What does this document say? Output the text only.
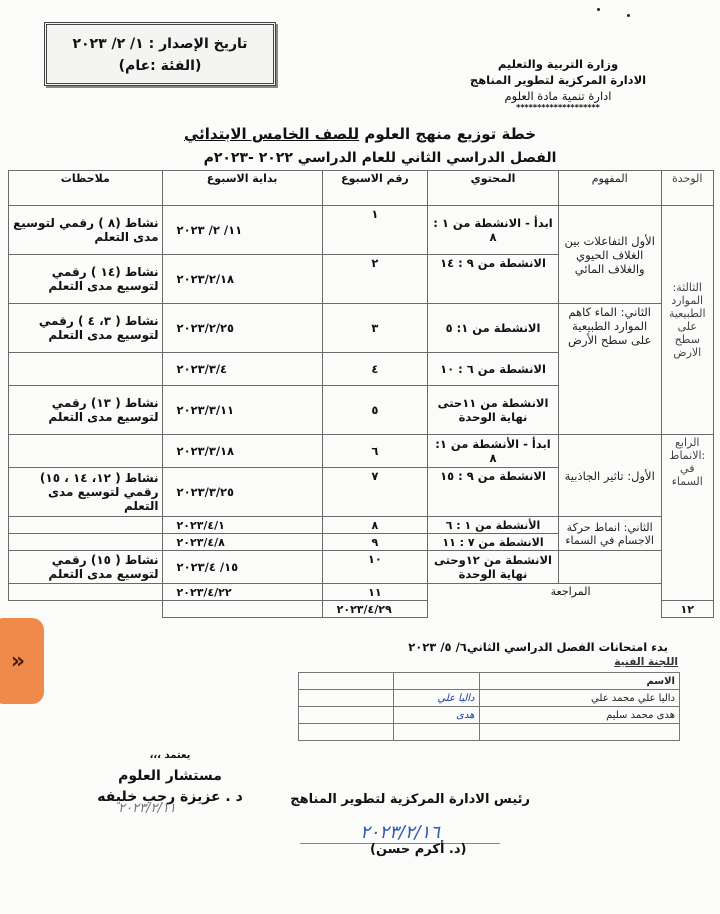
تاريخ الإصدار : ١/ ٢/ ٢٠٢٣
(الفئة :عام)	وزارة التربية والتعليم
الادارة المركزية لتطوير المناهج
ادارة تنمية مادة العلوم
********************
خطة توزيع منهج العلوم للصف الخامس الابتدائي
الفصل الدراسي الثاني للعام الدراسي ٢٠٢٢ -٢٠٢٣م
الوحدة	المفهوم	المحتوي	رقم الاسبوع	بداية الاسبوع	ملاحظات
الثالثة: الموارد الطبيعية على سطح الارض	الأول التفاعلات بين الغلاف الحيوي والغلاف المائي	ابدأ - الانشطة من ١ : ٨	١	١١/ ٢/ ٢٠٢٣	نشاط (٨ ) رقمي لتوسيع مدى التعلم
		الانشطة من ٩ : ١٤	٢	٢٠٢٣/٢/١٨	نشاط (١٤ ) رقمي لتوسيع مدى التعلم
	الثاني: الماء كاهم الموارد الطبيعية على سطح الأرض	الانشطة من ١: ٥	٣	٢٠٢٣/٢/٢٥	نشاط ( ٣، ٤ ) رقمي لتوسيع مدى التعلم
		الانشطة من ٦ : ١٠	٤	٢٠٢٣/٣/٤	
		الانشطة من ١١حتى نهاية الوحدة	٥	٢٠٢٣/٣/١١	نشاط ( ١٣) رقمي لتوسيع مدى التعلم
الرابع :الانماط في السماء	الأول: تاثير الجاذبية	ابدأ - الأنشطة من ١: ٨	٦	٢٠٢٣/٣/١٨	
		الانشطة من ٩ : ١٥	٧	٢٠٢٣/٣/٢٥	نشاط ( ١٢، ١٤ ، ١٥) رقمي لتوسيع مدى التعلم
	الثاني: انماط حركة الاجسام في السماء	الأنشطة من ١ : ٦	٨	٢٠٢٣/٤/١	
		الانشطة من ٧ : ١١	٩	٢٠٢٣/٤/٨	
		الانشطة من ١٢وحتى نهاية الوحدة	١٠	١٥/ ٢٠٢٣/٤	نشاط ( ١٥) رقمي لتوسيع مدى التعلم
	المراجعة		١١	٢٠٢٣/٤/٢٢	
١٢			٢٠٢٣/٤/٢٩		
بدء امتحانات الفصل الدراسي الثاني٦/ ٥/ ٢٠٢٣
اللجنة الفنية
الاسم		
داليا علي محمد علي	داليا علي	
هدى محمد سليم	هدى	

يعتمد ،،،
مستشار العلوم
د . عزيزة رجب خليفه
٢٠٢٣/٢/١١
رئيس الادارة المركزية لتطوير المناهج
٢٠٢٣/٢/١٦
(د. أكرم حسن)
»
